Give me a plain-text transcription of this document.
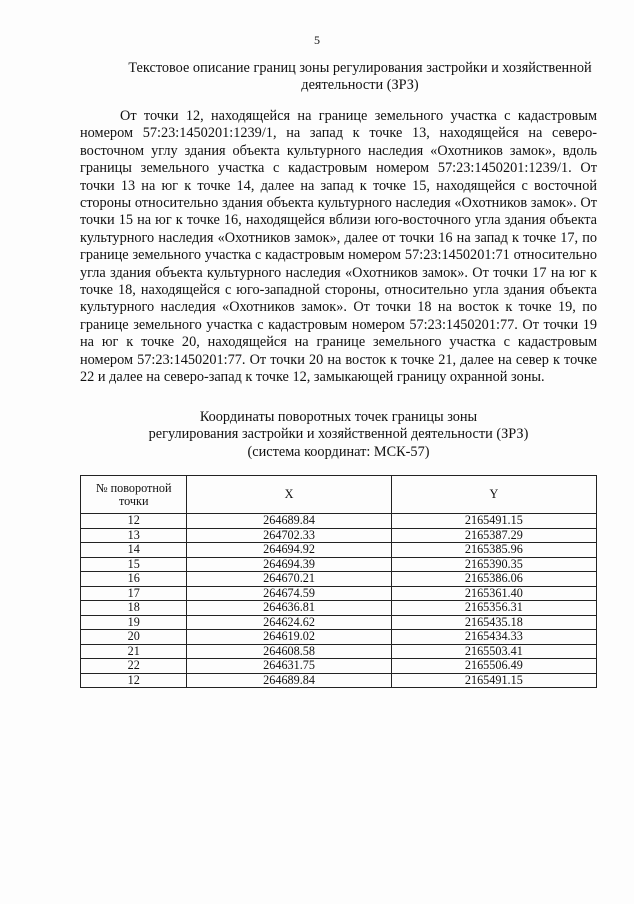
5
Текстовое описание границ зоны регулирования застройки и хозяйственной деятельности (ЗРЗ)

От точки 12, находящейся на границе земельного участка с кадастровым номером 57:23:1450201:1239/1, на запад к точке 13, находящейся на северо-восточном углу здания объекта культурного наследия «Охотников замок», вдоль границы земельного участка с кадастровым номером 57:23:1450201:1239/1. От точки 13 на юг к точке 14, далее на запад к точке 15, находящейся с восточной стороны относительно здания объекта культурного наследия «Охотников замок». От точки 15 на юг к точке 16, находящейся вблизи юго-восточного угла здания объекта культурного наследия «Охотников замок», далее от точки 16 на запад к точке 17, по границе земельного участка с кадастровым номером 57:23:1450201:71 относительно угла здания объекта культурного наследия «Охотников замок». От точки 17 на юг к точке 18, находящейся с юго-западной стороны, относительно угла здания объекта культурного наследия «Охотников замок». От точки 18 на восток к точке 19, по границе земельного участка с кадастровым номером 57:23:1450201:77. От точки 19 на юг к точке 20, находящейся на границе земельного участка с кадастровым номером 57:23:1450201:77. От точки 20 на восток к точке 21, далее на север к точке 22 и далее на северо-запад к точке 12, замыкающей границу охранной зоны.

Координаты поворотных точек границы зоны
регулирования застройки и хозяйственной деятельности (ЗРЗ)
(система координат: МСК-57)
№ поворотной точки	X	Y
12	264689.84	2165491.15
13	264702.33	2165387.29
14	264694.92	2165385.96
15	264694.39	2165390.35
16	264670.21	2165386.06
17	264674.59	2165361.40
18	264636.81	2165356.31
19	264624.62	2165435.18
20	264619.02	2165434.33
21	264608.58	2165503.41
22	264631.75	2165506.49
12	264689.84	2165491.15
